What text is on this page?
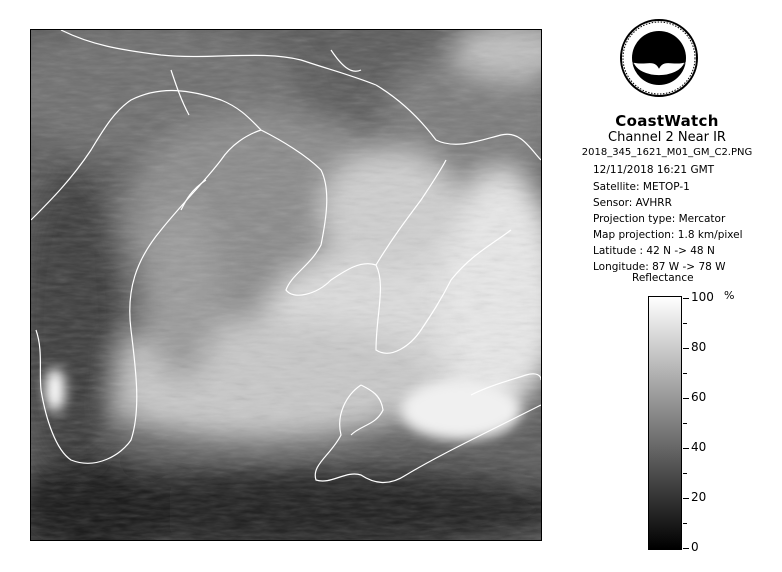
CoastWatch
Channel 2 Near IR
2018_345_1621_M01_GM_C2.PNG
12/11/2018 16:21 GMT
Satellite: METOP-1
Sensor: AVHRR
Projection type: Mercator
Map projection: 1.8 km/pixel
Latitude : 42 N -> 48 N
Longitude: 87 W -> 78 W
Reflectance
%
100
80
60
40
20
0
